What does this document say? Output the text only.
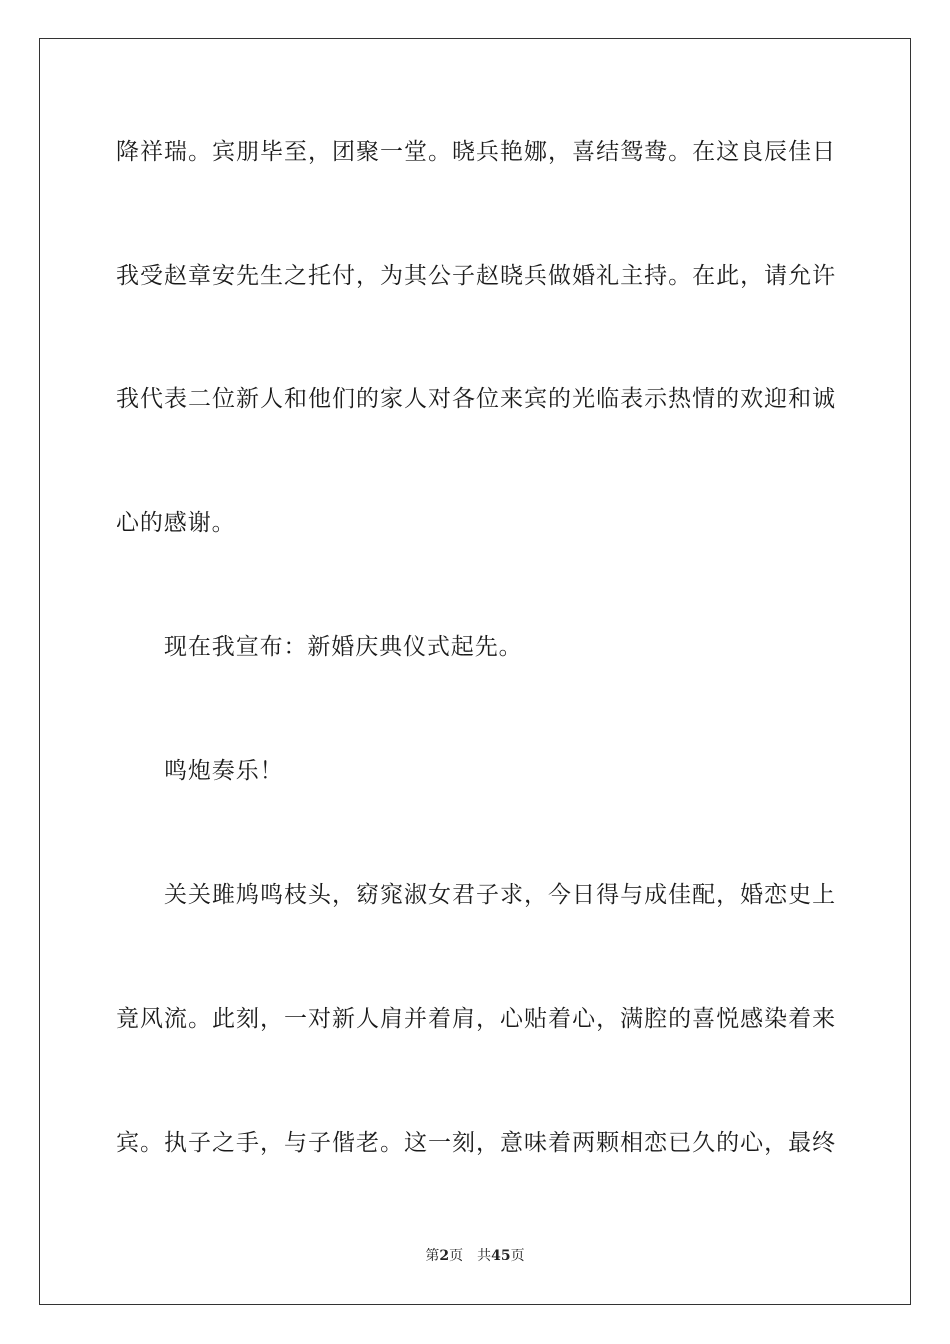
降祥瑞。宾朋毕至，团聚一堂。晓兵艳娜，喜结鸳鸯。在这良辰佳日
我受赵章安先生之托付，为其公子赵晓兵做婚礼主持。在此，请允许
我代表二位新人和他们的家人对各位来宾的光临表示热情的欢迎和诚
心的感谢。
现在我宣布：新婚庆典仪式起先。
鸣炮奏乐！
关关雎鸠鸣枝头，窈窕淑女君子求，今日得与成佳配，婚恋史上
竟风流。此刻，一对新人肩并着肩，心贴着心，满腔的喜悦感染着来
宾。执子之手，与子偕老。这一刻，意味着两颗相恋已久的心，最终
第2页 共45页
